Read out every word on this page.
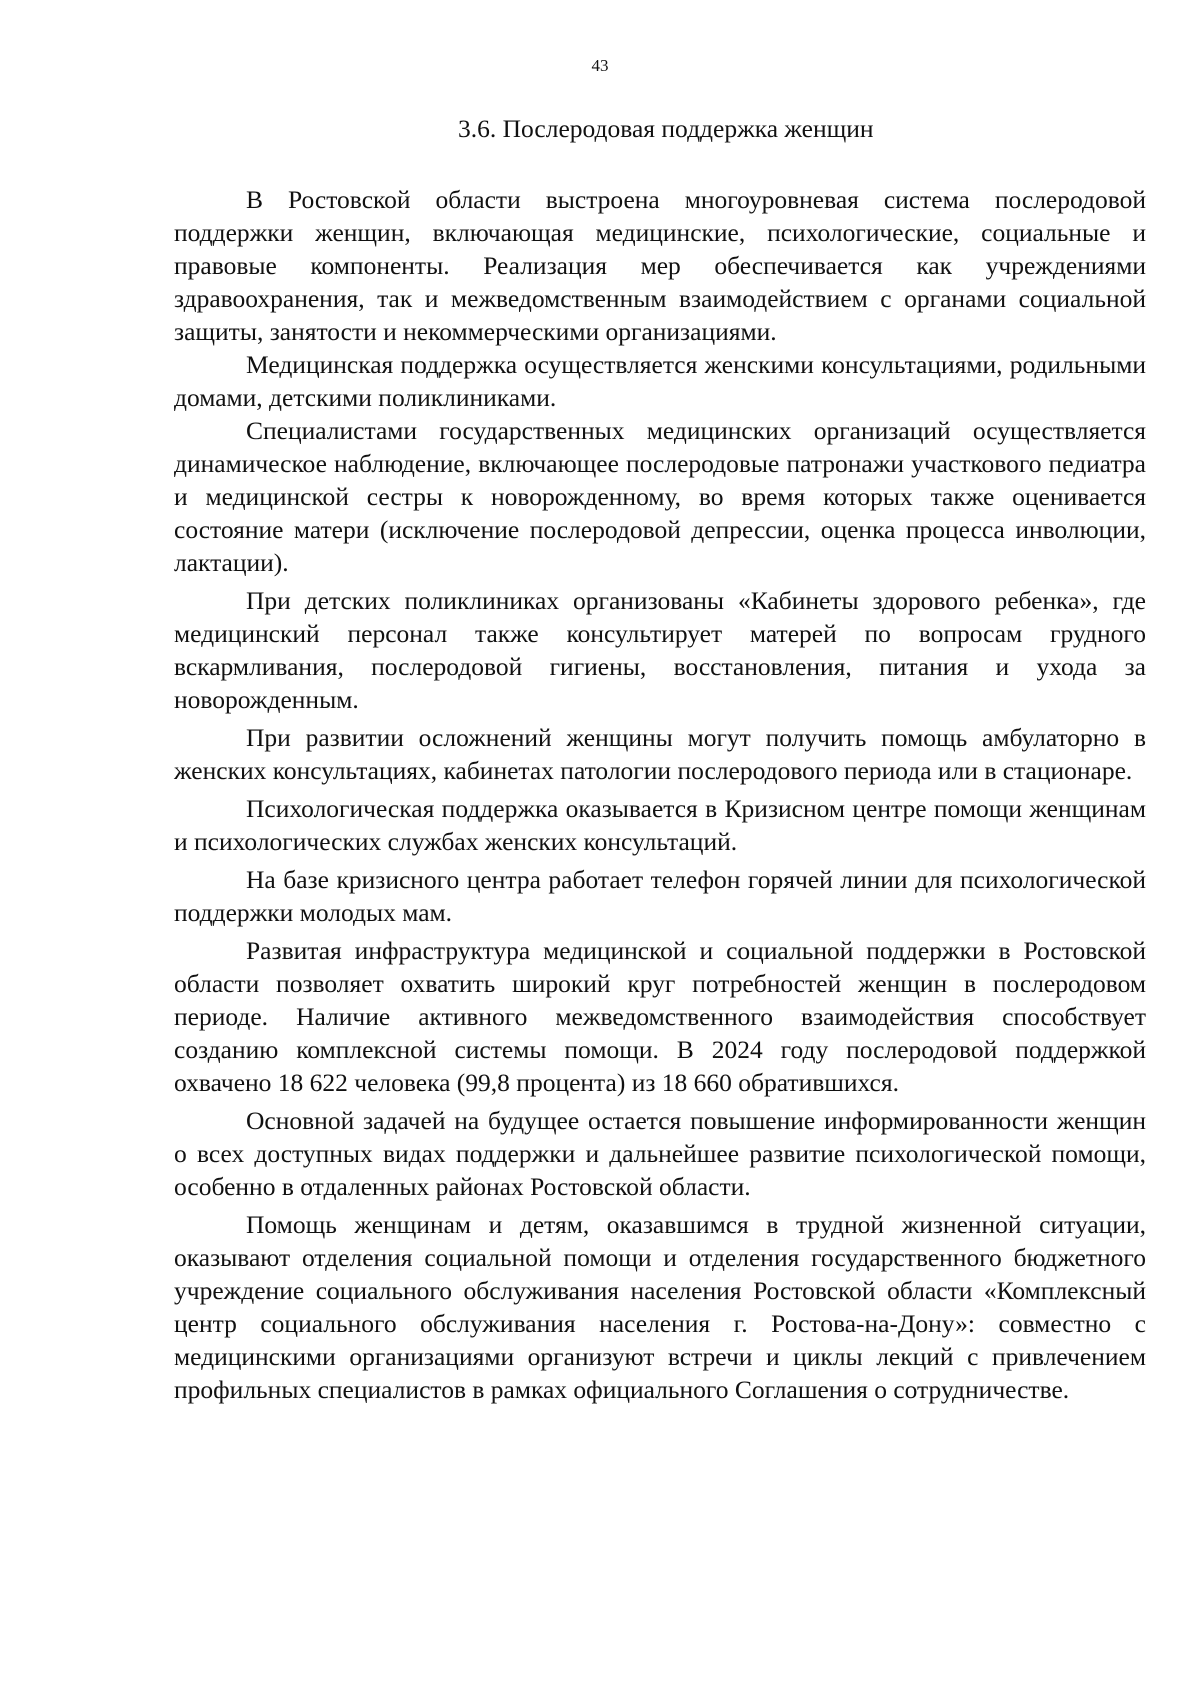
43
3.6. Послеродовая поддержка женщин

В Ростовской области выстроена многоуровневая система послеродовой поддержки женщин, включающая медицинские, психологические, социальные и правовые компоненты. Реализация мер обеспечивается как учреждениями здравоохранения, так и межведомственным взаимодействием с органами социальной защиты, занятости и некоммерческими организациями.

Медицинская поддержка осуществляется женскими консультациями, родильными домами, детскими поликлиниками.

Специалистами государственных медицинских организаций осуществляется динамическое наблюдение, включающее послеродовые патронажи участкового педиатра и медицинской сестры к новорожденному, во время которых также оценивается состояние матери (исключение послеродовой депрессии, оценка процесса инволюции, лактации).

При детских поликлиниках организованы «Кабинеты здорового ребенка», где медицинский персонал также консультирует матерей по вопросам грудного вскармливания, послеродовой гигиены, восстановления, питания и ухода за новорожденным.

При развитии осложнений женщины могут получить помощь амбулаторно в женских консультациях, кабинетах патологии послеродового периода или в стационаре.

Психологическая поддержка оказывается в Кризисном центре помощи женщинам и психологических службах женских консультаций.

На базе кризисного центра работает телефон горячей линии для психологической поддержки молодых мам.

Развитая инфраструктура медицинской и социальной поддержки в Ростовской области позволяет охватить широкий круг потребностей женщин в послеродовом периоде. Наличие активного межведомственного взаимодействия способствует созданию комплексной системы помощи. В 2024 году послеродовой поддержкой охвачено 18 622 человека (99,8 процента) из 18 660 обратившихся.

Основной задачей на будущее остается повышение информированности женщин о всех доступных видах поддержки и дальнейшее развитие психологической помощи, особенно в отдаленных районах Ростовской области.

Помощь женщинам и детям, оказавшимся в трудной жизненной ситуации, оказывают отделения социальной помощи и отделения государственного бюджетного учреждение социального обслуживания населения Ростовской области «Комплексный центр социального обслуживания населения г. Ростова-на-Дону»: совместно с медицинскими организациями организуют встречи и циклы лекций с привлечением профильных специалистов в рамках официального Соглашения о сотрудничестве.
